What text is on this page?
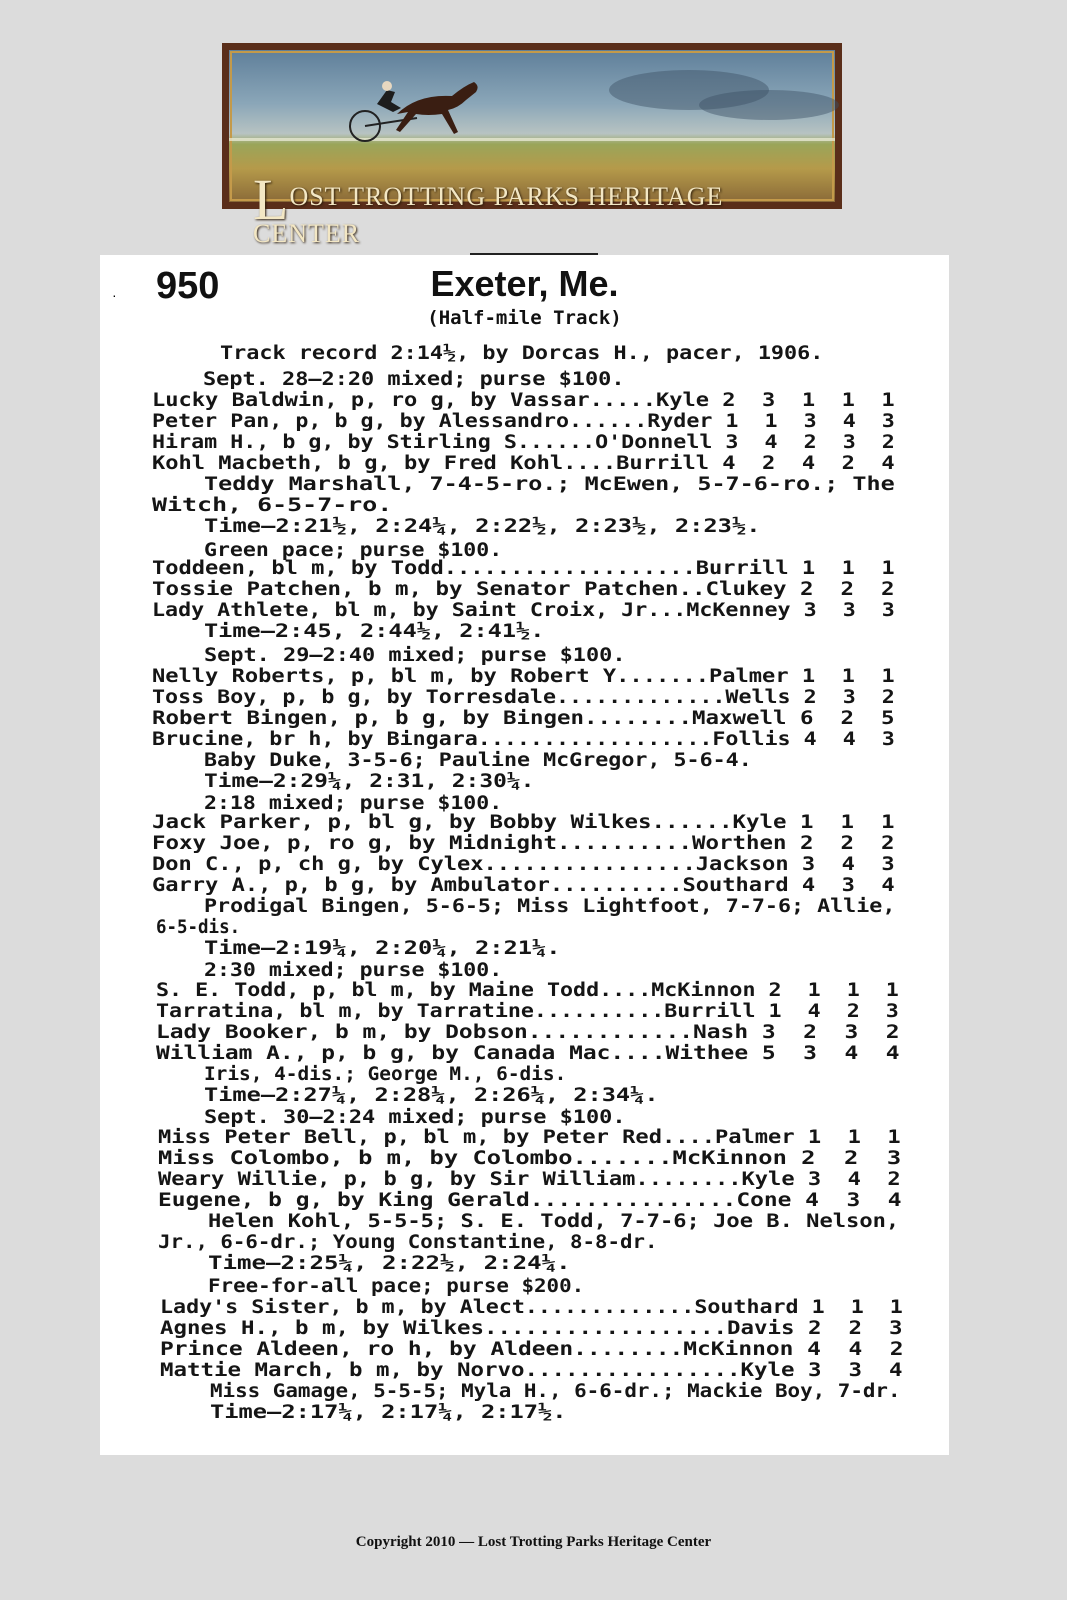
LOST TROTTING PARKS HERITAGE CENTER
· 950	Exeter, Me.
(Half-mile Track)
Track record 2:14½, by Dorcas H., pacer, 1906.
Sept. 28—2:20 mixed; purse $100.
Lucky Baldwin, p, ro g, by Vassar.....Kyle 2  3  1  1  1
Peter Pan, p, b g, by Alessandro......Ryder 1  1  3  4  3
Hiram H., b g, by Stirling S......O'Donnell 3  4  2  3  2
Kohl Macbeth, b g, by Fred Kohl....Burrill 4  2  4  2  4
Teddy Marshall, 7-4-5-ro.; McEwen, 5-7-6-ro.; The
Witch, 6-5-7-ro.
Time—2:21½, 2:24¼, 2:22½, 2:23½, 2:23½.
Green pace; purse $100.
Toddeen, bl m, by Todd...................Burrill 1  1  1
Tossie Patchen, b m, by Senator Patchen..Clukey 2  2  2
Lady Athlete, bl m, by Saint Croix, Jr...McKenney 3  3  3
Time—2:45, 2:44½, 2:41½.
Sept. 29—2:40 mixed; purse $100.
Nelly Roberts, p, bl m, by Robert Y.......Palmer 1  1  1
Toss Boy, p, b g, by Torresdale.............Wells 2  3  2
Robert Bingen, p, b g, by Bingen........Maxwell 6  2  5
Brucine, br h, by Bingara..................Follis 4  4  3
Baby Duke, 3-5-6; Pauline McGregor, 5-6-4.
Time—2:29¼, 2:31, 2:30¼.
2:18 mixed; purse $100.
Jack Parker, p, bl g, by Bobby Wilkes......Kyle 1  1  1
Foxy Joe, p, ro g, by Midnight..........Worthen 2  2  2
Don C., p, ch g, by Cylex................Jackson 3  4  3
Garry A., p, b g, by Ambulator..........Southard 4  3  4
Prodigal Bingen, 5-6-5; Miss Lightfoot, 7-7-6; Allie,
6-5-dis.
Time—2:19¼, 2:20¼, 2:21¼.
2:30 mixed; purse $100.
S. E. Todd, p, bl m, by Maine Todd....McKinnon 2  1  1  1
Tarratina, bl m, by Tarratine..........Burrill 1  4  2  3
Lady Booker, b m, by Dobson............Nash 3  2  3  2
William A., p, b g, by Canada Mac....Withee 5  3  4  4
Iris, 4-dis.; George M., 6-dis.
Time—2:27¼, 2:28¼, 2:26¼, 2:34¼.
Sept. 30—2:24 mixed; purse $100.
Miss Peter Bell, p, bl m, by Peter Red....Palmer 1  1  1
Miss Colombo, b m, by Colombo.......McKinnon 2  2  3
Weary Willie, p, b g, by Sir William........Kyle 3  4  2
Eugene, b g, by King Gerald...............Cone 4  3  4
Helen Kohl, 5-5-5; S. E. Todd, 7-7-6; Joe B. Nelson,
Jr., 6-6-dr.; Young Constantine, 8-8-dr.
Time—2:25¼, 2:22½, 2:24¼.
Free-for-all pace; purse $200.
Lady's Sister, b m, by Alect.............Southard 1  1  1
Agnes H., b m, by Wilkes..................Davis 2  2  3
Prince Aldeen, ro h, by Aldeen........McKinnon 4  4  2
Mattie March, b m, by Norvo................Kyle 3  3  4
Miss Gamage, 5-5-5; Myla H., 6-6-dr.; Mackie Boy, 7-dr.
Time—2:17¼, 2:17¼, 2:17½.
Copyright 2010 — Lost Trotting Parks Heritage Center
